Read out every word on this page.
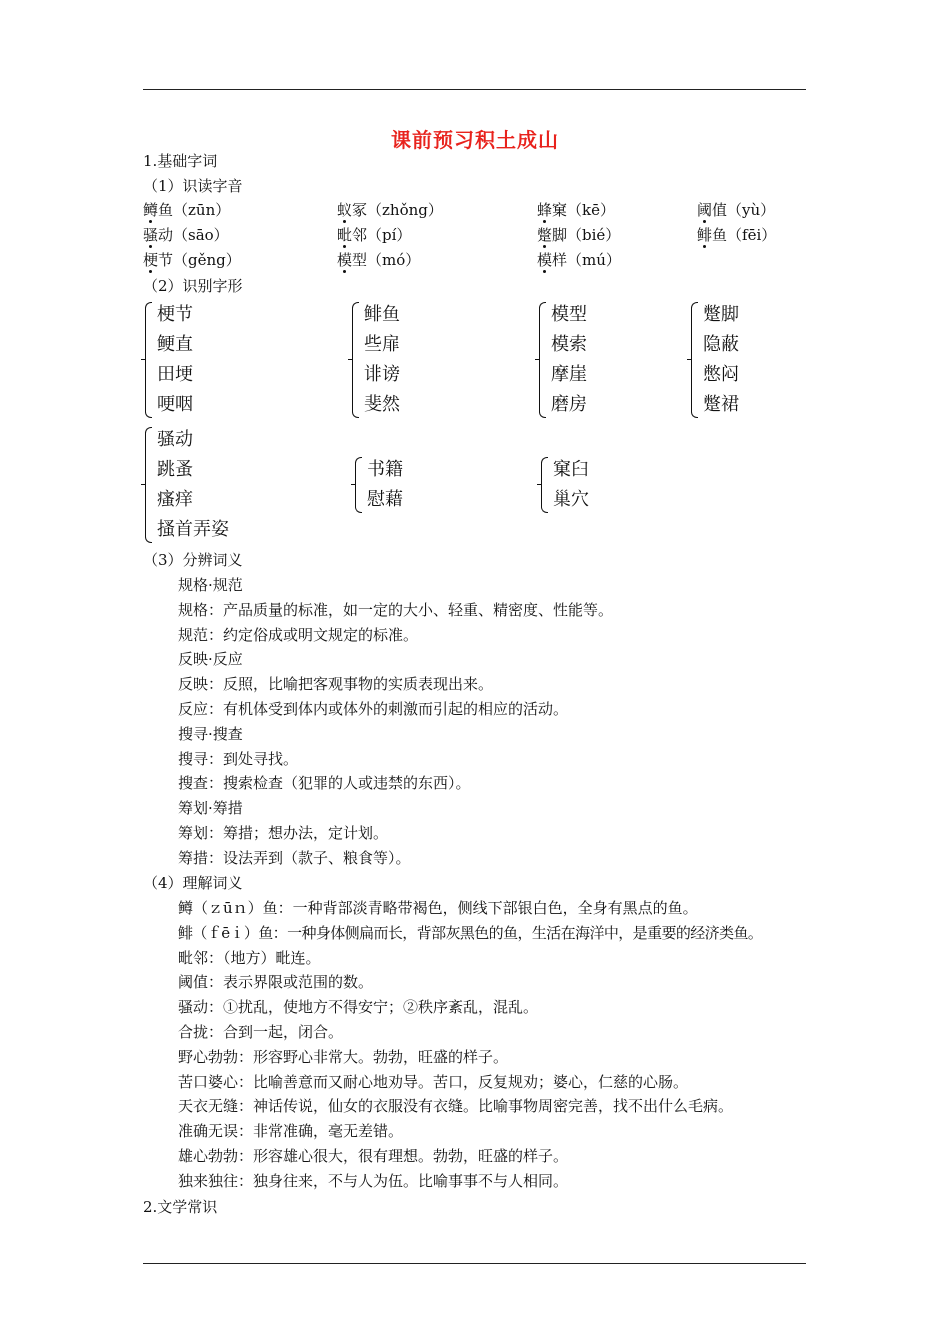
课前预习积土成山
1.基础字词
（1）识读字音
鳟鱼（zūn）	蚁冢（zhǒng）	蜂窠（kē）	阈值（yù）
骚动（sāo）	毗邻（pí）	蹩脚（bié）	鲱鱼（fēi）
梗节（gěng）	模型（mó）	模样（mú）
（2）识别字形
梗节
鲠直
田埂
哽咽
鲱鱼
些扉
诽谤
斐然
模型
模索
摩崖
磨房
蹩脚
隐蔽
憋闷
蹩裙
骚动
跳蚤
瘙痒
搔首弄姿
书籍
慰藉
窠臼
巢穴
（3）分辨词义
规格·规范
规格：产品质量的标准，如一定的大小、轻重、精密度、性能等。
规范：约定俗成或明文规定的标准。
反映·反应
反映：反照，比喻把客观事物的实质表现出来。
反应：有机体受到体内或体外的刺激而引起的相应的活动。
搜寻·搜查
搜寻：到处寻找。
搜查：搜索检查（犯罪的人或违禁的东西）。
筹划·筹措
筹划：筹措；想办法，定计划。
筹措：设法弄到（款子、粮食等）。
（4）理解词义
鳟（ｚūｎ）鱼：一种背部淡青略带褐色，侧线下部银白色，全身有黑点的鱼。
鲱（ｆēｉ）鱼：一种身体侧扁而长，背部灰黑色的鱼，生活在海洋中，是重要的经济类鱼。
毗邻：（地方）毗连。
阈值：表示界限或范围的数。
骚动：①扰乱，使地方不得安宁；②秩序紊乱，混乱。
合拢：合到一起，闭合。
野心勃勃：形容野心非常大。勃勃，旺盛的样子。
苦口婆心：比喻善意而又耐心地劝导。苦口，反复规劝；婆心，仁慈的心肠。
天衣无缝：神话传说，仙女的衣服没有衣缝。比喻事物周密完善，找不出什么毛病。
准确无误：非常准确，毫无差错。
雄心勃勃：形容雄心很大，很有理想。勃勃，旺盛的样子。
独来独往：独身往来，不与人为伍。比喻事事不与人相同。
2.文学常识
